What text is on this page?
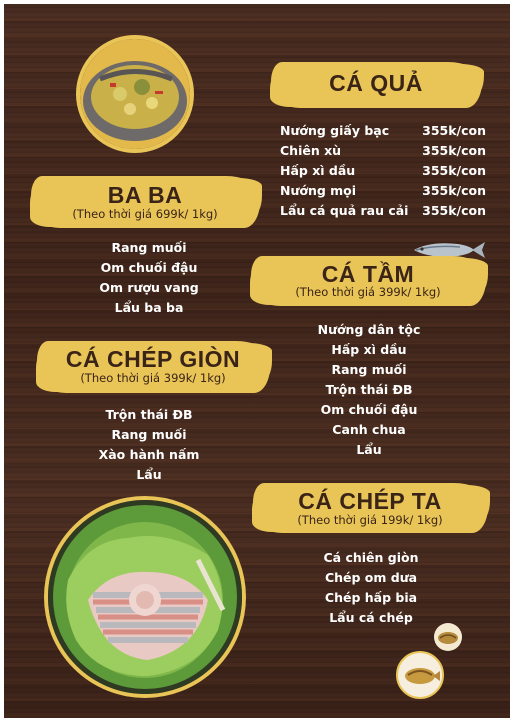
CÁ QUẢ
Nướng giấy bạc	355k/con
Chiên xù	355k/con
Hấp xì dầu	355k/con
Nướng mọi	355k/con
Lẩu cá quả rau cải 355k/con
BA BA
(Theo thời giá 699k/ 1kg)
Rang muối
Om chuối đậu
Om rượu vang
Lẩu ba ba
CÁ TẦM
(Theo thời giá 399k/ 1kg)
Nướng dân tộc
Hấp xì dầu
Rang muối
Trộn thái ĐB
Om chuối đậu
Canh chua
Lẩu
CÁ CHÉP GIÒN
(Theo thời giá 399k/ 1kg)
Trộn thái ĐB
Rang muối
Xào hành nấm
Lẩu
CÁ CHÉP TA
(Theo thời giá 199k/ 1kg)
Cá chiên giòn
Chép om dưa
Chép hấp bia
Lẩu cá chép
